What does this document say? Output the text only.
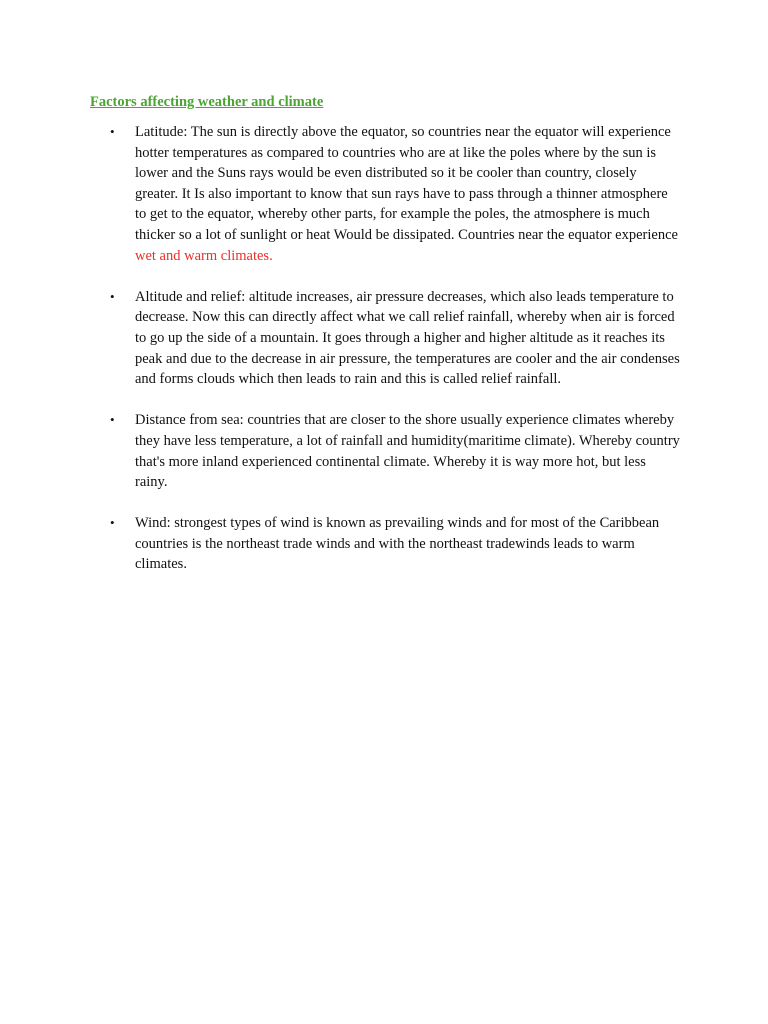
Factors affecting weather and climate
• Latitude: The sun is directly above the equator, so countries near the equator will experience hotter temperatures as compared to countries who are at like the poles where by the sun is lower and the Suns rays would be even distributed so it be cooler than country, closely greater. It Is also important to know that sun rays have to pass through a thinner atmosphere to get to the equator, whereby other parts, for example the poles, the atmosphere is much thicker so a lot of sunlight or heat Would be dissipated. Countries near the equator experience wet and warm climates.
• Altitude and relief: altitude increases, air pressure decreases, which also leads temperature to decrease. Now this can directly affect what we call relief rainfall, whereby when air is forced to go up the side of a mountain. It goes through a higher and higher altitude as it reaches its peak and due to the decrease in air pressure, the temperatures are cooler and the air condenses and forms clouds which then leads to rain and this is called relief rainfall.
• Distance from sea: countries that are closer to the shore usually experience climates whereby they have less temperature, a lot of rainfall and humidity(maritime climate). Whereby country that's more inland experienced continental climate. Whereby it is way more hot, but less rainy.
• Wind: strongest types of wind is known as prevailing winds and for most of the Caribbean countries is the northeast trade winds and with the northeast tradewinds leads to warm climates.
